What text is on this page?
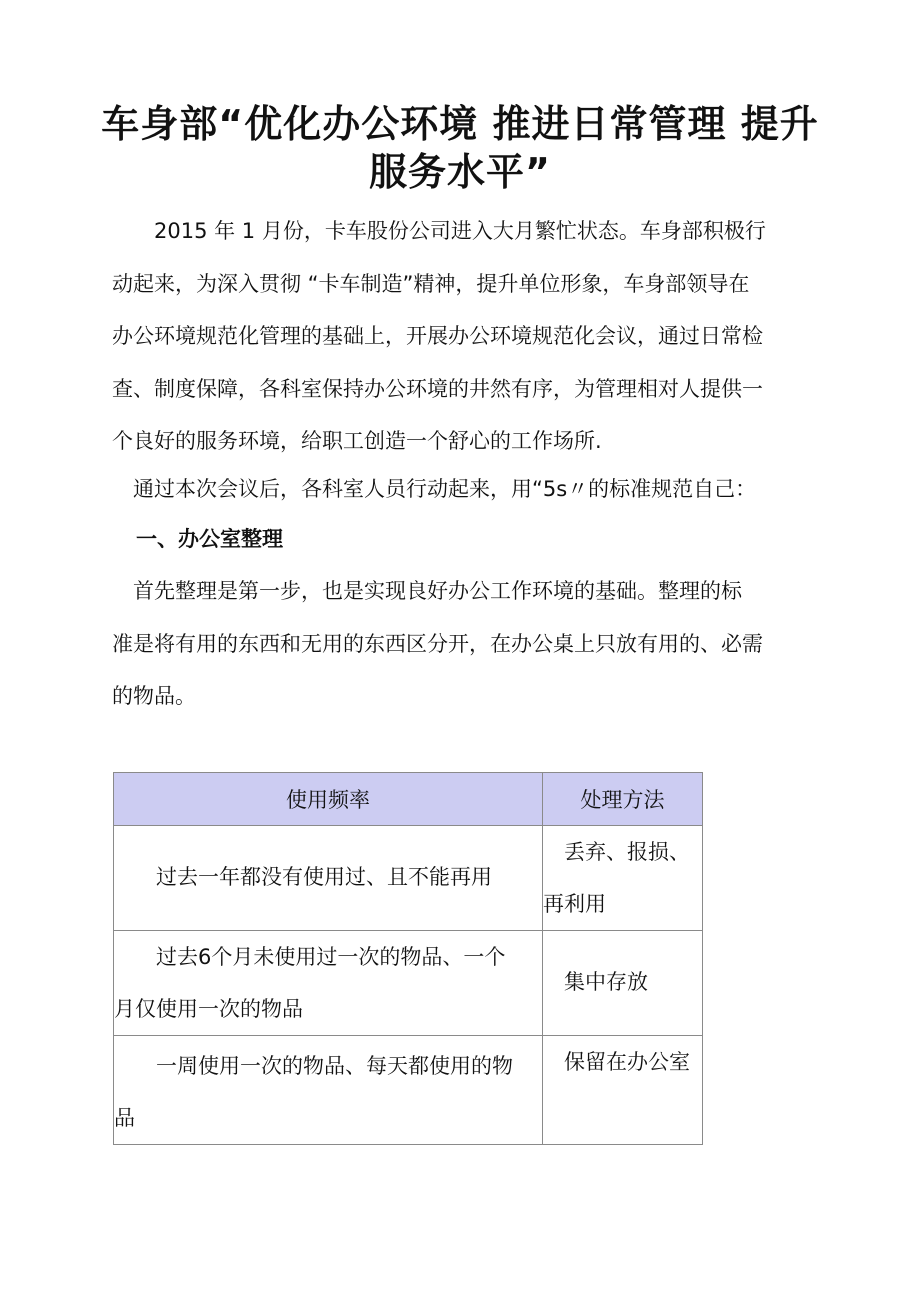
车身部“优化办公环境 推进日常管理 提升
服务水平”
　　2015 年 1 月份，卡车股份公司进入大月繁忙状态。车身部积极行
动起来，为深入贯彻 “卡车制造”精神，提升单位形象，车身部领导在
办公环境规范化管理的基础上，开展办公环境规范化会议，通过日常检
查、制度保障，各科室保持办公环境的井然有序，为管理相对人提供一
个良好的服务环境，给职工创造一个舒心的工作场所.
　通过本次会议后，各科室人员行动起来，用“5s〃的标准规范自己：
一、办公室整理
　首先整理是第一步，也是实现良好办公工作环境的基础。整理的标
准是将有用的东西和无用的东西区分开，在办公桌上只放有用的、必需
的物品。
使用频率	处理方法

　　过去一年都没有使用过、且不能再用	　丢弃、报损、
再利用

　　过去6个月未使用过一次的物品、一个
月仅使用一次的物品	　集中存放

　　一周使用一次的物品、每天都使用的物
品	　保留在办公室
